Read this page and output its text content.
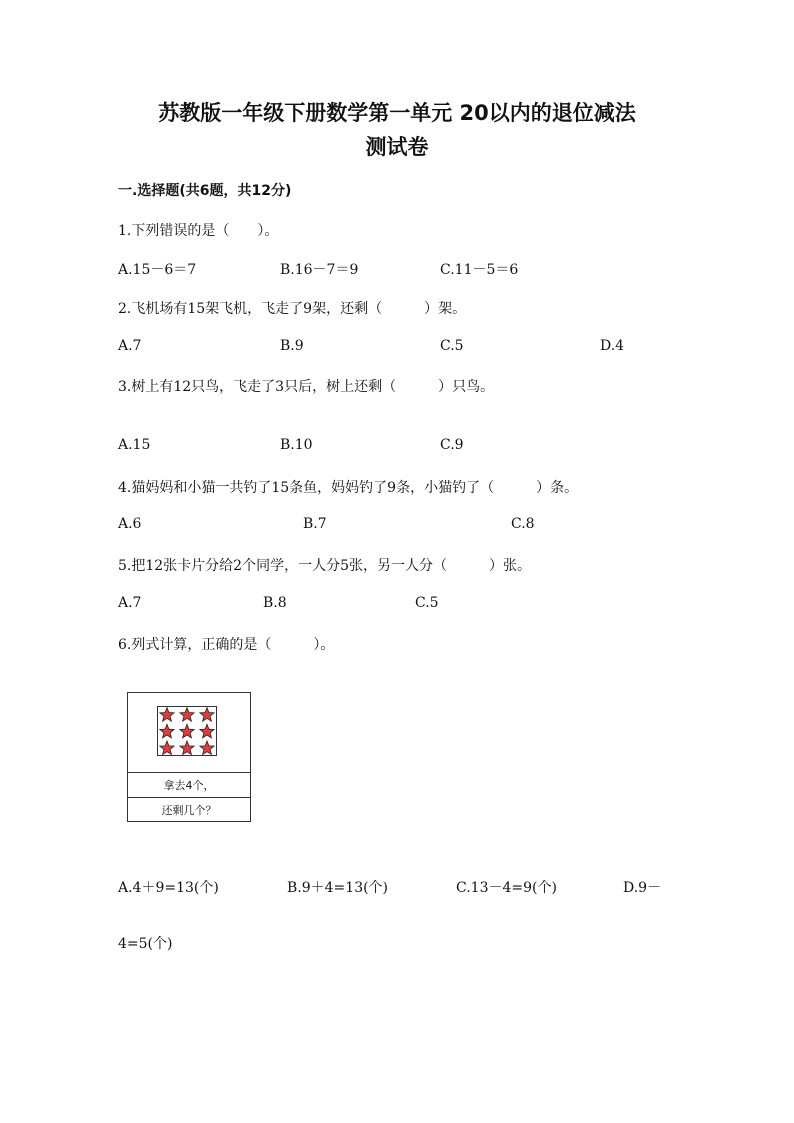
苏教版一年级下册数学第一单元 20以内的退位减法
测试卷
一.选择题(共6题，共12分)
1.下列错误的是（　　）。
A.15－6＝7	B.16－7＝9	C.11－5＝6
2.飞机场有15架飞机，飞走了9架，还剩（　　　）架。
A.7	B.9	C.5	D.4
3.树上有12只鸟，飞走了3只后，树上还剩（　　　）只鸟。
A.15	B.10	C.9
4.猫妈妈和小猫一共钓了15条鱼，妈妈钓了9条，小猫钓了（　　　）条。
A.6	B.7	C.8
5.把12张卡片分给2个同学，一人分5张，另一人分（　　　）张。
A.7	B.8	C.5
6.列式计算，正确的是（　　　）。
拿去4个，
还剩几个？
A.4＋9=13(个)	B.9＋4=13(个)	C.13－4=9(个)	D.9－
4=5(个)
